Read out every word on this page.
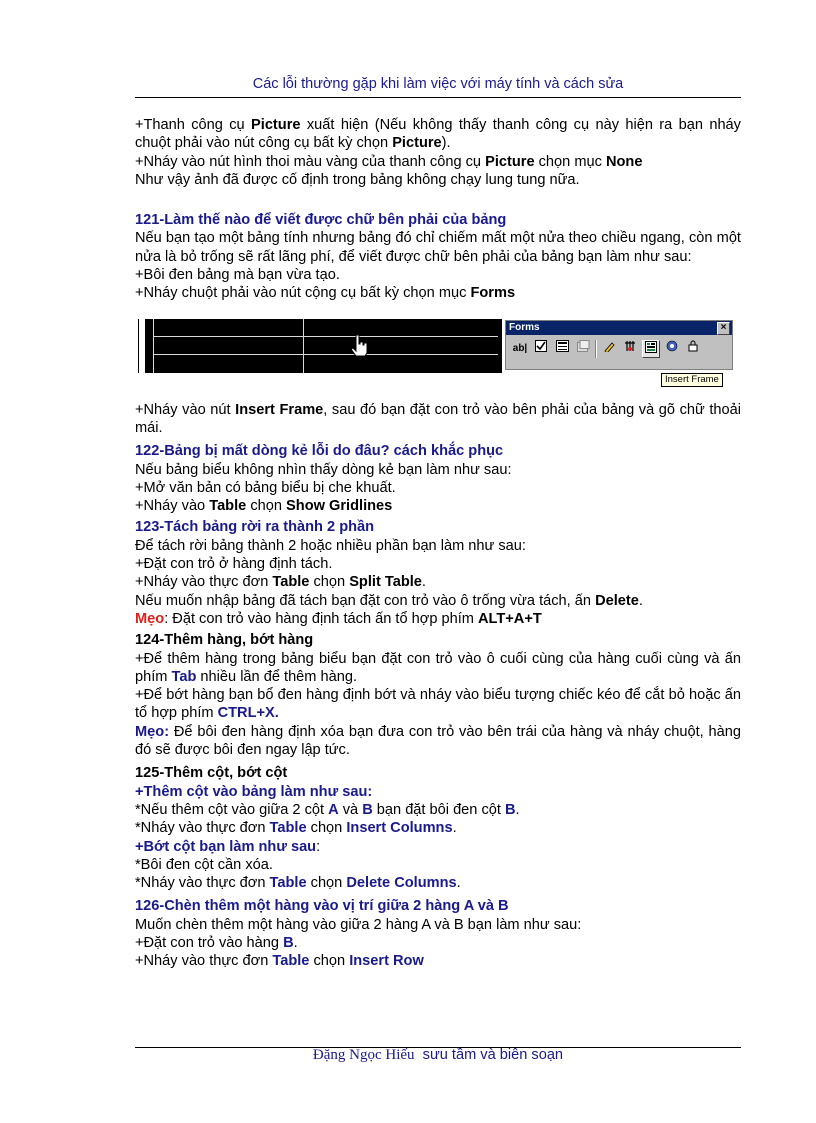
Các lỗi thường gặp khi làm việc với máy tính và cách sửa

+Thanh công cụ Picture xuất hiện (Nếu không thấy thanh công cụ này hiện ra bạn nháy chuột phải vào nút công cụ bất kỳ chọn Picture).

+Nháy vào nút hình thoi màu vàng của thanh công cụ Picture chọn mục None

Như vậy ảnh đã được cố định trong bảng không chạy lung tung nữa.

121-Làm thế nào để viết được chữ bên phải của bảng

Nếu bạn tạo một bảng tính nhưng bảng đó chỉ chiếm mất một nửa theo chiều ngang, còn một nửa là bỏ trống sẽ rất lãng phí, để viết được chữ bên phải của bảng bạn làm như sau:

+Bôi đen bảng mà bạn vừa tạo.

+Nháy chuột phải vào nút cộng cụ bất kỳ chọn mục Forms

Forms	×
ab|
Insert Frame

+Nháy vào nút Insert Frame, sau đó bạn đặt con trỏ vào bên phải của bảng và gõ chữ thoải mái.

122-Bảng bị mất dòng kẻ lỗi do đâu? cách khắc phục

Nếu bảng biểu không nhìn thấy dòng kẻ bạn làm như sau:

+Mở văn bản có bảng biểu bị che khuất.

+Nháy vào Table chọn Show Gridlines

123-Tách bảng rời ra thành 2 phần

Để tách rời bảng thành 2 hoặc nhiều phần bạn làm như sau:

+Đặt con trỏ ở hàng định tách.

+Nháy vào thực đơn Table chọn Split Table.

Nếu muốn nhập bảng đã tách bạn đặt con trỏ vào ô trống vừa tách, ấn Delete.

Mẹo: Đặt con trỏ vào hàng định tách ấn tổ hợp phím ALT+A+T

124-Thêm hàng, bớt hàng

+Để thêm hàng trong bảng biểu bạn đặt con trỏ vào ô cuối cùng của hàng cuối cùng và ấn phím Tab nhiều lần để thêm hàng.

+Để bớt hàng bạn bổ đen hàng định bớt và nháy vào biểu tượng chiếc kéo để cắt bỏ hoặc ấn tổ hợp phím CTRL+X.

Mẹo: Để bôi đen hàng định xóa bạn đưa con trỏ vào bên trái của hàng và nháy chuột, hàng đó sẽ được bôi đen ngay lập tức.

125-Thêm cột, bớt cột

+Thêm cột vào bảng làm như sau:

*Nếu thêm cột vào giữa 2 cột A và B bạn đặt bôi đen cột B.

*Nháy vào thực đơn Table chọn Insert Columns.

+Bớt cột bạn làm như sau:

*Bôi đen cột cần xóa.

*Nháy vào thực đơn Table chọn Delete Columns.

126-Chèn thêm một hàng vào vị trí giữa 2 hàng A và B

Muốn chèn thêm một hàng vào giữa 2 hàng A và B bạn làm như sau:

+Đặt con trỏ vào hàng B.

+Nháy vào thực đơn Table chọn Insert Row

Đặng Ngọc Hiếu  sưu tầm và biên soạn
